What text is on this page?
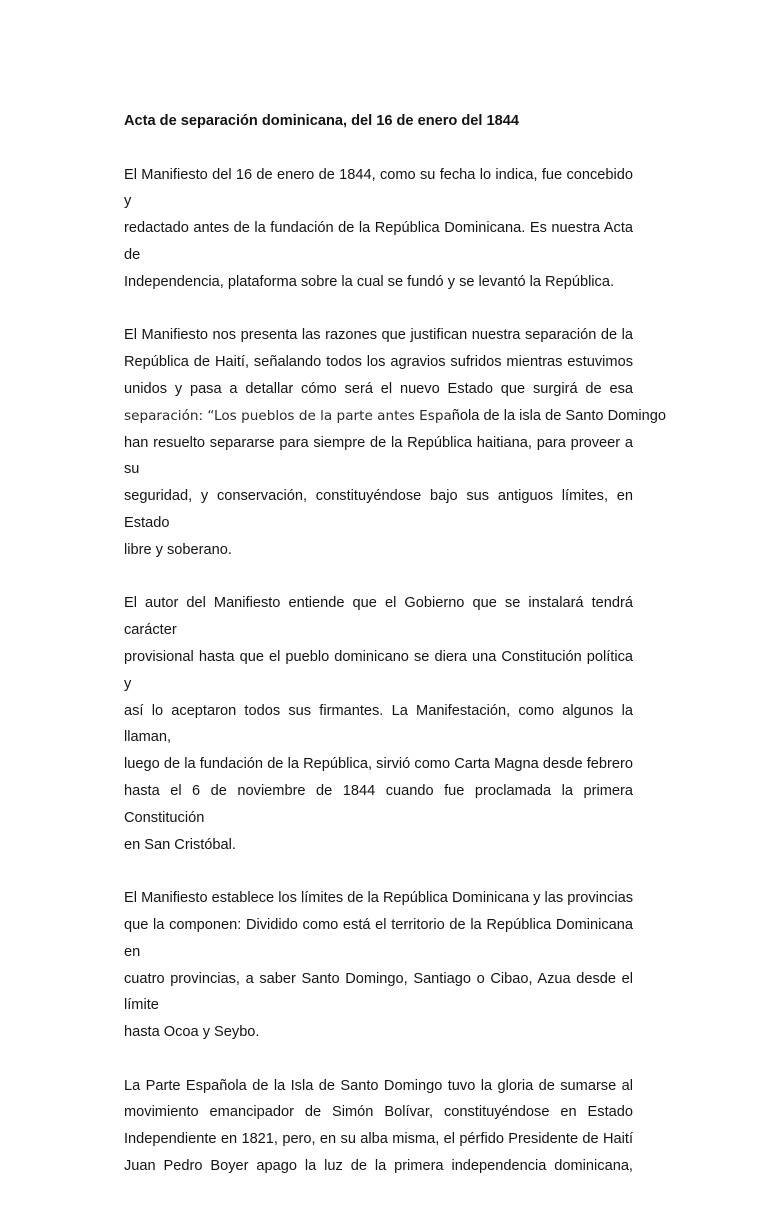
Acta de separación dominicana, del 16 de enero del 1844
El Manifiesto del 16 de enero de 1844, como su fecha lo indica, fue concebido y
redactado antes de la fundación de la República Dominicana. Es nuestra Acta de
Independencia, plataforma sobre la cual se fundó y se levantó la República.
El Manifiesto nos presenta las razones que justifican nuestra separación de la
República de Haití, señalando todos los agravios sufridos mientras estuvimos
unidos y pasa a detallar cómo será el nuevo Estado que surgirá de esa
separación: “Los pueblos de la parte antes Española de la isla de Santo Domingo
han resuelto separarse para siempre de la República haitiana, para proveer a su
seguridad, y conservación, constituyéndose bajo sus antiguos límites, en Estado
libre y soberano.
El autor del Manifiesto entiende que el Gobierno que se instalará tendrá carácter
provisional hasta que el pueblo dominicano se diera una Constitución política y
así lo aceptaron todos sus firmantes. La Manifestación, como algunos la llaman,
luego de la fundación de la República, sirvió como Carta Magna desde febrero
hasta el 6 de noviembre de 1844 cuando fue proclamada la primera Constitución
en San Cristóbal.
El Manifiesto establece los límites de la República Dominicana y las provincias
que la componen: Dividido como está el territorio de la República Dominicana en
cuatro provincias, a saber Santo Domingo, Santiago o Cibao, Azua desde el límite
hasta Ocoa y Seybo.
La Parte Española de la Isla de Santo Domingo tuvo la gloria de sumarse al
movimiento emancipador de Simón Bolívar, constituyéndose en Estado
Independiente en 1821, pero, en su alba misma, el pérfido Presidente de Haití
Juan Pedro Boyer apago la luz de la primera independencia dominicana,
